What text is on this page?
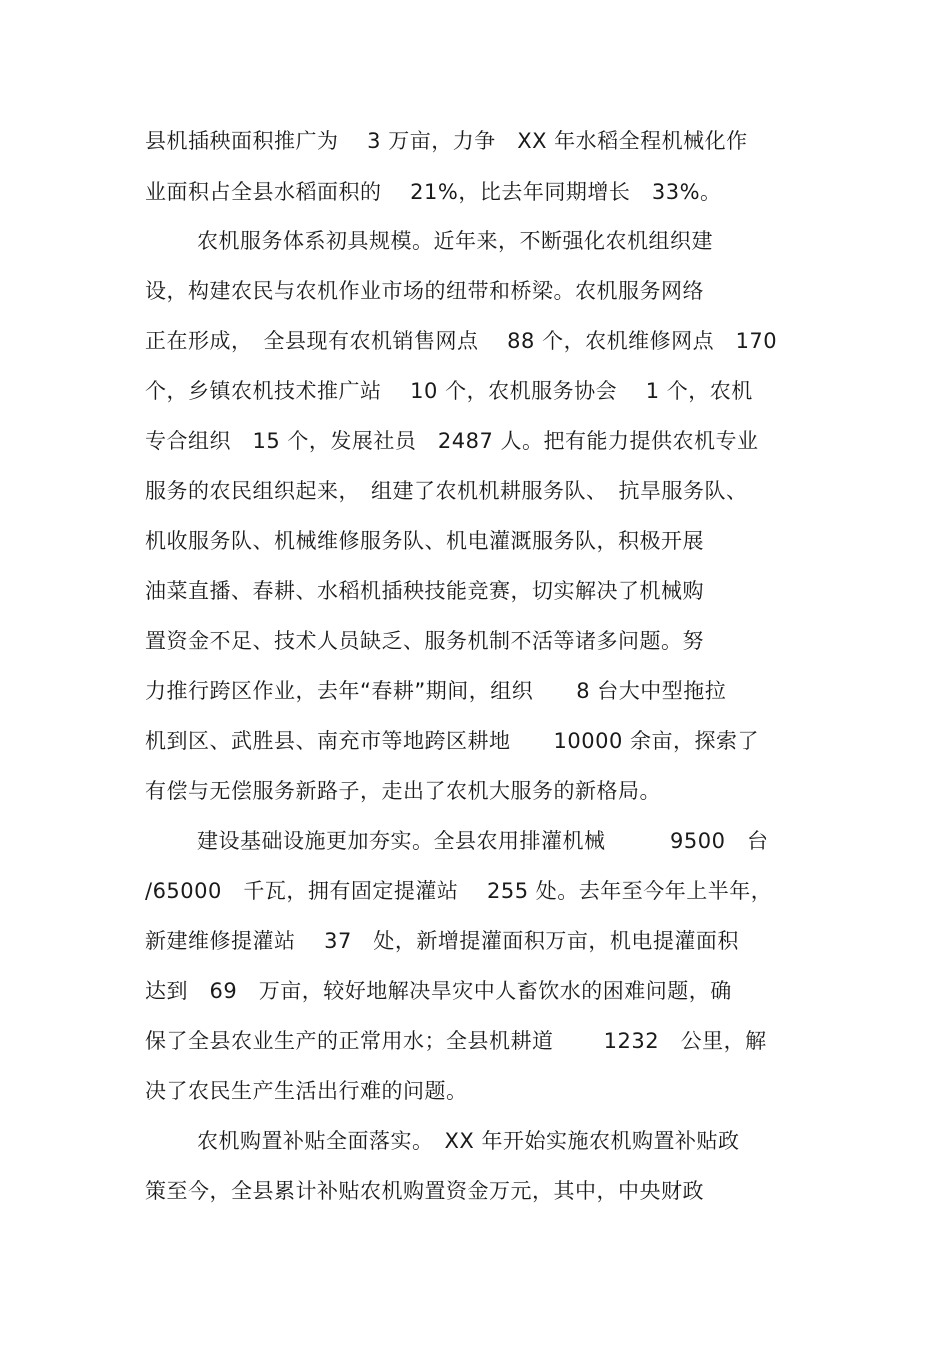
县机插秧面积推广为　 3 万亩，力争　XX 年水稻全程机械化作
业面积占全县水稻面积的　 21%，比去年同期增长　33%。
农机服务体系初具规模。近年来，不断强化农机组织建
设，构建农民与农机作业市场的纽带和桥梁。农机服务网络
正在形成，　全县现有农机销售网点　 88 个，农机维修网点　170
个，乡镇农机技术推广站　 10 个，农机服务协会　 1 个，农机
专合组织　15 个，发展社员　2487 人。把有能力提供农机专业
服务的农民组织起来，　组建了农机机耕服务队、　抗旱服务队、
机收服务队、机械维修服务队、机电灌溉服务队，积极开展
油菜直播、春耕、水稻机插秧技能竞赛，切实解决了机械购
置资金不足、技术人员缺乏、服务机制不活等诸多问题。努
力推行跨区作业，去年“春耕”期间，组织　　8 台大中型拖拉
机到区、武胜县、南充市等地跨区耕地　　10000 余亩，探索了
有偿与无偿服务新路子，走出了农机大服务的新格局。
建设基础设施更加夯实。全县农用排灌机械　　　9500　台
/65000　千瓦，拥有固定提灌站　 255 处。去年至今年上半年，
新建维修提灌站　 37　处，新增提灌面积万亩，机电提灌面积
达到　69　万亩，较好地解决旱灾中人畜饮水的困难问题，确
保了全县农业生产的正常用水；全县机耕道　　 1232　公里，解
决了农民生产生活出行难的问题。
农机购置补贴全面落实。　XX 年开始实施农机购置补贴政
策至今，全县累计补贴农机购置资金万元，其中，中央财政
